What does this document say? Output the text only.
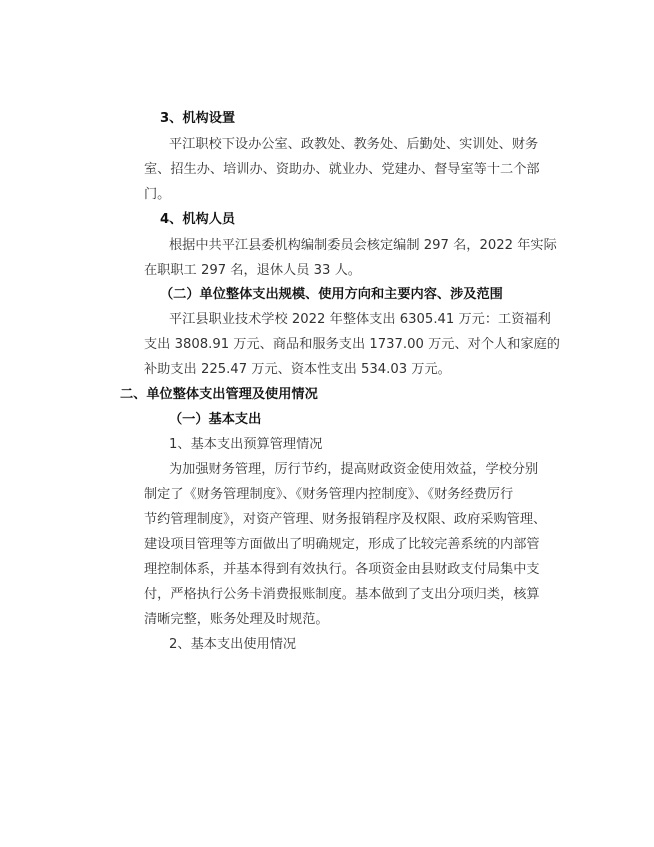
3、机构设置
平江职校下设办公室、政教处、教务处、后勤处、实训处、财务
室、招生办、培训办、资助办、就业办、党建办、督导室等十二个部
门。
4、机构人员
根据中共平江县委机构编制委员会核定编制 297 名，2022 年实际
在职职工 297 名，退休人员 33 人。
（二）单位整体支出规模、使用方向和主要内容、涉及范围
平江县职业技术学校 2022 年整体支出 6305.41 万元：工资福利
支出 3808.91 万元、商品和服务支出 1737.00 万元、对个人和家庭的
补助支出 225.47 万元、资本性支出 534.03 万元。
二、单位整体支出管理及使用情况
（一）基本支出
1、基本支出预算管理情况
为加强财务管理，厉行节约，提高财政资金使用效益，学校分别
制定了《财务管理制度》、《财务管理内控制度》、《财务经费厉行
节约管理制度》，对资产管理、财务报销程序及权限、政府采购管理、
建设项目管理等方面做出了明确规定，形成了比较完善系统的内部管
理控制体系，并基本得到有效执行。各项资金由县财政支付局集中支
付，严格执行公务卡消费报账制度。基本做到了支出分项归类，核算
清晰完整，账务处理及时规范。
2、基本支出使用情况
